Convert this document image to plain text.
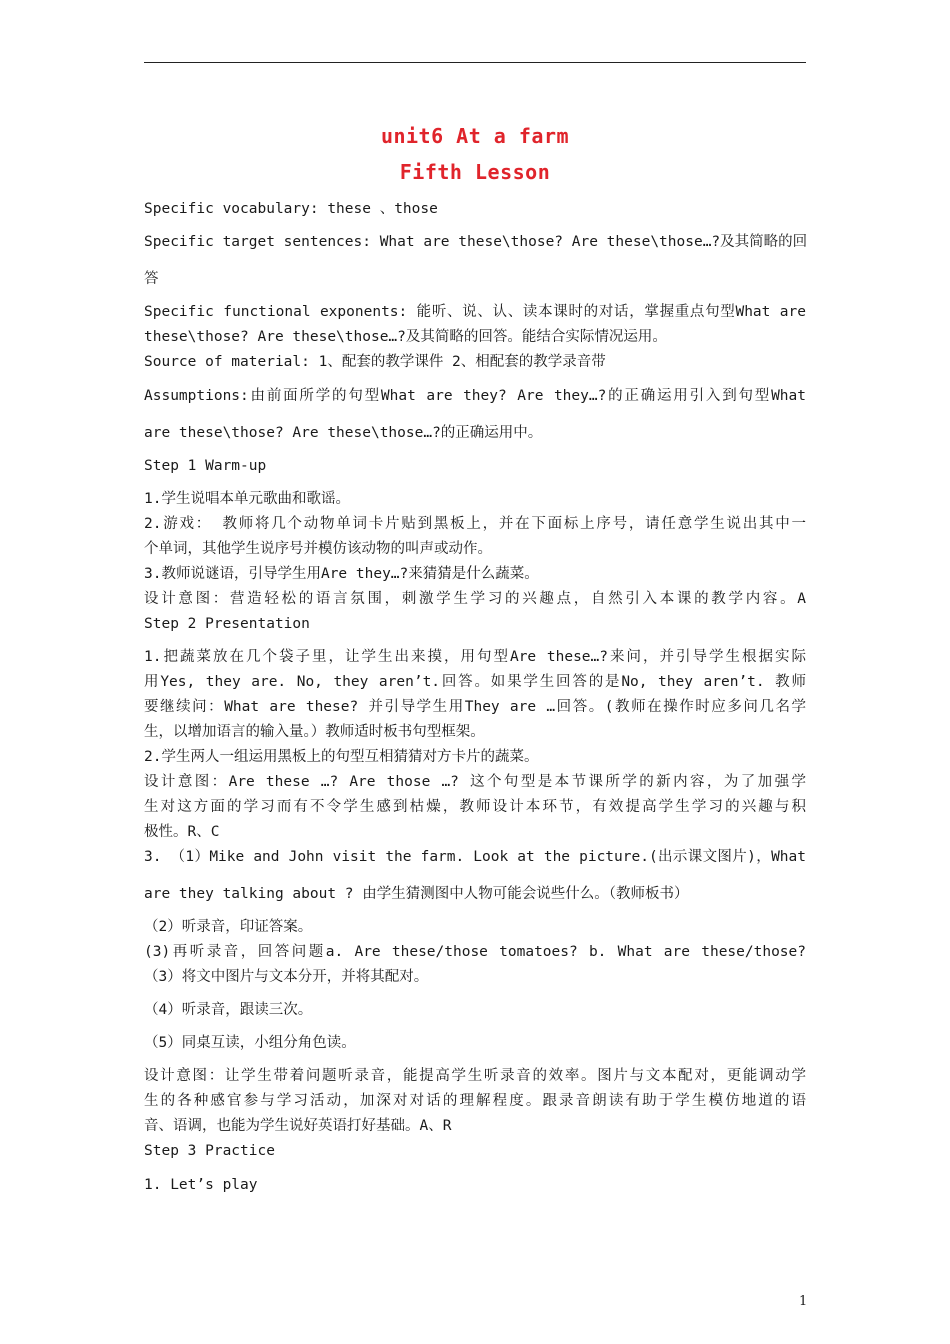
unit6 At a farm
Fifth Lesson
Specific vocabulary: these 、those
Specific target sentences: What are these\those? Are these\those…?及其简略的回
答
Specific functional exponents: 能听、说、认、读本课时的对话，掌握重点句型What are
these\those? Are these\those…?及其简略的回答。能结合实际情况运用。
Source of material: 1、配套的教学课件 2、相配套的教学录音带
Assumptions:由前面所学的句型What are they? Are they…?的正确运用引入到句型What
are these\those? Are these\those…?的正确运用中。
Step 1 Warm-up
1.学生说唱本单元歌曲和歌谣。
2.游戏： 教师将几个动物单词卡片贴到黑板上，并在下面标上序号，请任意学生说出其中一
个单词，其他学生说序号并模仿该动物的叫声或动作。
3.教师说谜语，引导学生用Are they…?来猜猜是什么蔬菜。
设计意图：营造轻松的语言氛围，刺激学生学习的兴趣点，自然引入本课的教学内容。A
Step 2 Presentation
1.把蔬菜放在几个袋子里，让学生出来摸，用句型Are these…?来问，并引导学生根据实际
用Yes, they are. No, they aren’t.回答。如果学生回答的是No, they aren’t. 教师
要继续问：What are these? 并引导学生用They are …回答。(教师在操作时应多问几名学
生，以增加语言的输入量。）教师适时板书句型框架。
2.学生两人一组运用黑板上的句型互相猜猜对方卡片的蔬菜。
设计意图：Are these …? Are those …? 这个句型是本节课所学的新内容，为了加强学
生对这方面的学习而有不令学生感到枯燥，教师设计本环节，有效提高学生学习的兴趣与积
极性。R、C
3. （1）Mike and John visit the farm. Look at the picture.(出示课文图片)，What
are they talking about ? 由学生猜测图中人物可能会说些什么。（教师板书）
（2）听录音，印证答案。
(3)再听录音，回答问题a. Are these/those tomatoes? b. What are these/those?
（3）将文中图片与文本分开，并将其配对。
（4）听录音，跟读三次。
（5）同桌互读，小组分角色读。
设计意图：让学生带着问题听录音，能提高学生听录音的效率。图片与文本配对，更能调动学
生的各种感官参与学习活动，加深对对话的理解程度。跟录音朗读有助于学生模仿地道的语
音、语调，也能为学生说好英语打好基础。A、R
Step 3 Practice
1. Let’s play
1
